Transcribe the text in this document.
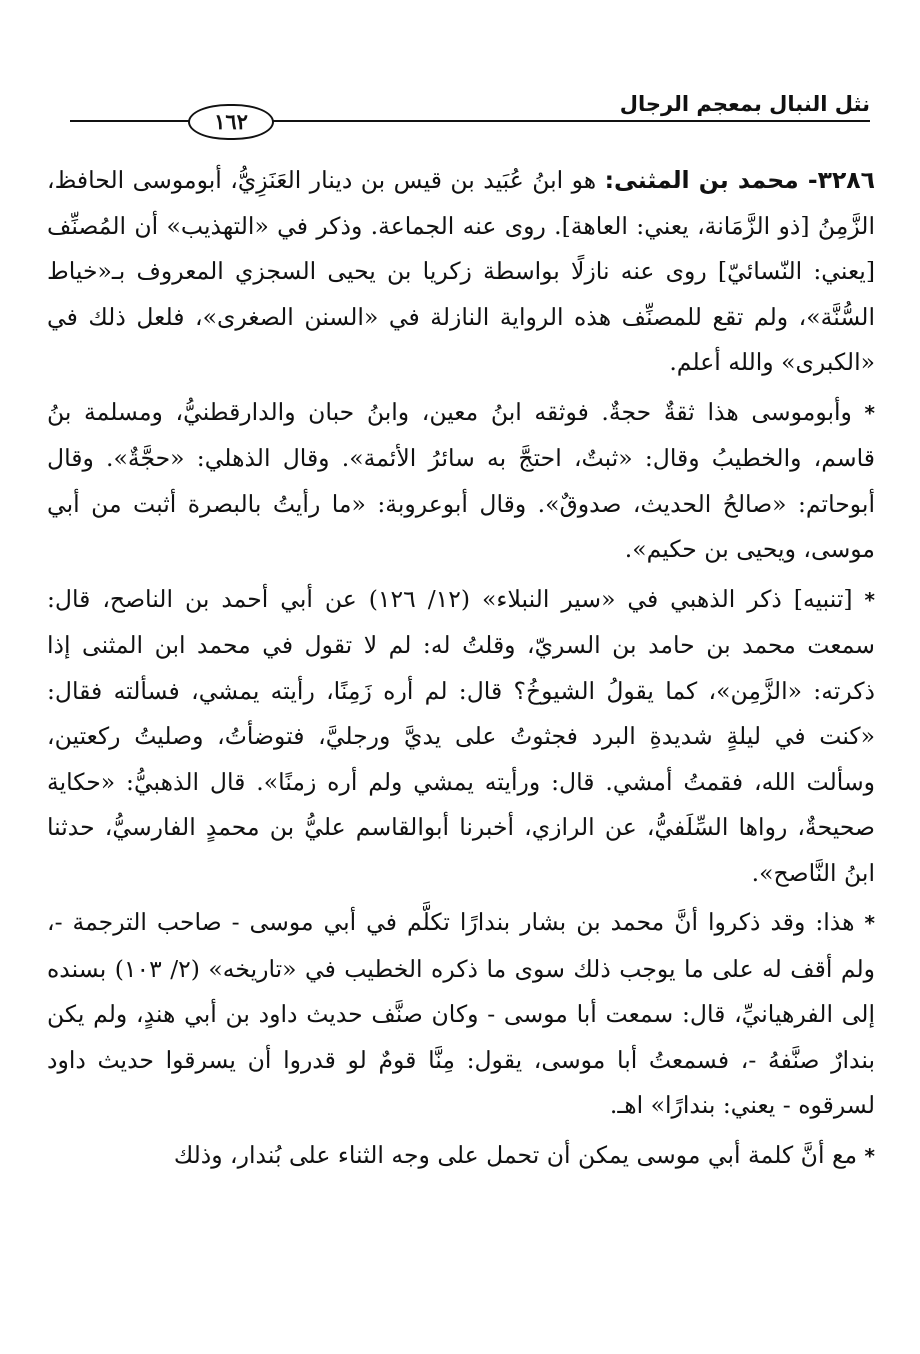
نثل النبال بمعجم الرجال
١٦٢

٣٢٨٦- محمد بن المثنى: هو ابنُ عُبَيد بن قيس بن دينار العَنَزِيُّ، أبوموسى الحافظ، الزَّمِنُ [ذو الزَّمَانة، يعني: العاهة]. روى عنه الجماعة. وذكر في «التهذيب» أن المُصنِّف [يعني: النّسائيّ] روى عنه نازلًا بواسطة زكريا بن يحيى السجزي المعروف بـ«خياط السُّنَّة»، ولم تقع للمصنِّف هذه الرواية النازلة في «السنن الصغرى»، فلعل ذلك في «الكبرى» والله أعلم.

* وأبوموسى هذا ثقةٌ حجةٌ. فوثقه ابنُ معين، وابنُ حبان والدارقطنيُّ، ومسلمة بنُ قاسم، والخطيبُ وقال: «ثبتٌ، احتجَّ به سائرُ الأئمة». وقال الذهلي: «حجَّةٌ». وقال أبوحاتم: «صالحُ الحديث، صدوقٌ». وقال أبوعروبة: «ما رأيتُ بالبصرة أثبت من أبي موسى، ويحيى بن حكيم».

* [تنبيه] ذكر الذهبي في «سير النبلاء» (١٢/ ١٢٦) عن أبي أحمد بن الناصح، قال: سمعت محمد بن حامد بن السريّ، وقلتُ له: لم لا تقول في محمد ابن المثنى إذا ذكرته: «الزَّمِن»، كما يقولُ الشيوخُ؟ قال: لم أره زَمِنًا، رأيته يمشي، فسألته فقال: «كنت في ليلةٍ شديدةِ البرد فجثوتُ على يديَّ ورجليَّ، فتوضأتُ، وصليتُ ركعتين، وسألت الله، فقمتُ أمشي. قال: ورأيته يمشي ولم أره زمنًا». قال الذهبيُّ: «حكاية صحيحةٌ، رواها السِّلَفيُّ، عن الرازي، أخبرنا أبوالقاسم عليُّ بن محمدٍ الفارسيُّ، حدثنا ابنُ النَّاصح».

* هذا: وقد ذكروا أنَّ محمد بن بشار بندارًا تكلَّم في أبي موسى - صاحب الترجمة -، ولم أقف له على ما يوجب ذلك سوى ما ذكره الخطيب في «تاريخه» (٢/ ١٠٣) بسنده إلى الفرهيانيِّ، قال: سمعت أبا موسى - وكان صنَّف حديث داود بن أبي هندٍ، ولم يكن بندارٌ صنَّفهُ -، فسمعتُ أبا موسى، يقول: مِنَّا قومٌ لو قدروا أن يسرقوا حديث داود لسرقوه - يعني: بندارًا» اهـ.

* مع أنَّ كلمة أبي موسى يمكن أن تحمل على وجه الثناء على بُندار، وذلك
